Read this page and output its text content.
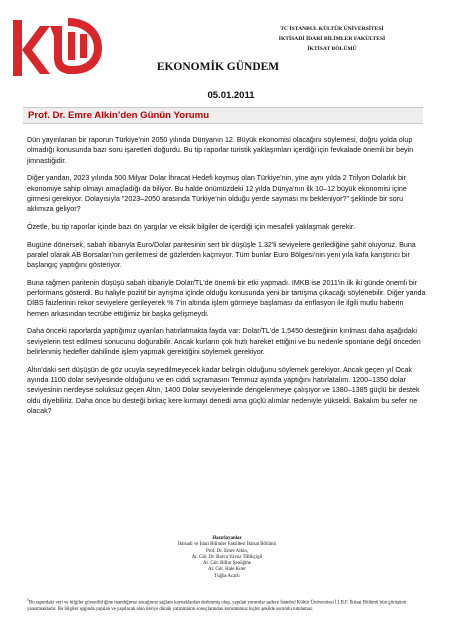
TC İSTANBUL KÜLTÜR ÜNİVERSİTESİ
İKTİSADİ İDARİ BİLİMLER FAKÜLTESİ
İKTİSAT BÖLÜMÜ
EKONOMİK GÜNDEM
05.01.2011
Prof. Dr. Emre Alkin’den Günün Yorumu

Dün yayınlanan bir raporun Türkiye’nin 2050 yılında Dünyanın 12. Büyük ekonomisi olacağını söylemesi, doğru yolda olup olmadığı konusunda bazı soru işaretleri doğurdu. Bu tip raporlar turistik yaklaşımları içerdiği için fevkalade önemli bir beyin jimnastiğidir.

Diğer yandan, 2023 yılında 500 Milyar Dolar İhracat Hedefi koymuş olan Türkiye’nin, yine aynı yılda 2 Trilyon Dolarlık bir ekonomiye sahip olmayı amaçladığı da biliyor. Bu halde önümüzdeki 12 yılda Dünya’nın ilk 10–12 büyük ekonomisi içine girmesi gerekiyor. Dolayısıyla "2023–2050 arasında Türkiye’nin olduğu yerde sayması mı bekleniyor?" şeklinde bir soru aklımıza geliyor?

Özetle, bu tip raporlar içinde bazı ön yargılar ve eksik bilgiler de içerdiği için mesafeli yaklaşmak gerekir.

Bugüne dönersek, sabah itibarıyla Euro/Dolar paritesinin sert bir düşüşle 1.32'li seviyelere gerilediğine şahit oluyoruz. Buna paralel olarak AB Borsaları’nın gerilemesi de gözlerden kaçmıyor. Tüm bunlar Euro Bölgesi’nin yeni yıla kafa karıştırıcı bir başlangıç yaptığını gösteriyor.

Buna rağmen paritenin düşüşü sabah itibariyle Dolar/TL'de önemli bir etki yapmadı. IMKB ise 2011'in ilk iki günde önemli bir performans gösterdi. Bu haliyle pozitif bir ayrışma içinde olduğu konusunda yeni bir tartışma çıkacağı söylenebilir. Diğer yanda DİBS faizlerinin rekor seviyelere gerileyerek % 7'in altında işlem görmeye başlaması da enflasyon ile ilgili mutlu haberin hemen arkasından tecrübe ettiğimiz bir başka gelişmeydi.

Daha önceki raporlarda yaptığımız uyarıları hatırlatmakta fayda var: Dolar/TL'de 1,5450 desteğinin kırılması daha aşağıdaki seviyelerin test edilmesi sonucunu doğurabilir. Ancak kurların çok hızlı hareket ettiğini ve bu nedenle spontane değil önceden belirlenmiş hedefler dahilinde işlem yapmak gerektiğini söylemek gerekiyor.

Altın’daki sert düşüşün de göz ucuyla seyredilmeyecek kadar belirgin olduğunu söylemek gerekiyor. Ancak geçen yıl Ocak ayında 1100 dolar seviyesinde olduğunu ve en ciddi sıçramasını Temmuz ayında yaptığını hatırlatalım. 1200–1350 dolar seviyesinin nerdeyse soluksuz geçen Altın, 1400 Dolar seviyelerinde dengelenmeye çalışıyor ve 1380–1385 güçlü bir destek oldu diyebiliriz. Daha önce bu desteği birkaç kere kırmayı denedi ama güçlü alımlar nedeniyle yükseldi. Bakalım bu sefer ne olacak?

Hazırlayanlar
İktisadi ve İdari Bilimler Fakültesi İktisat Bölümü
Prof. Dr. Emre Alkin,
Ar. Gör. Dr. Burcu Yavuz Tiftikçigil
Ar. Gör. Billur Şenöğme
Ar. Gör. Hale Kırer
Tuğba Acarlı
$^1$Bu rapordaki veri ve bilgiler güvenilirliğine inandığımız ancağımız sağlam kaynaklardan derlenmiş olup, yapılan yorumlar sadece İstanbul Kültür Üniversitesi İ.İ.B.F. İktisat Bölümü’nün görüşünü yansıtmaktadır. Bu bilgiler ışığında yapılan ve yapılacak olan ileriye dönük yatırımların sonuçlarından kurumumuz hiçbir şekilde sorumlu tutulamaz.
